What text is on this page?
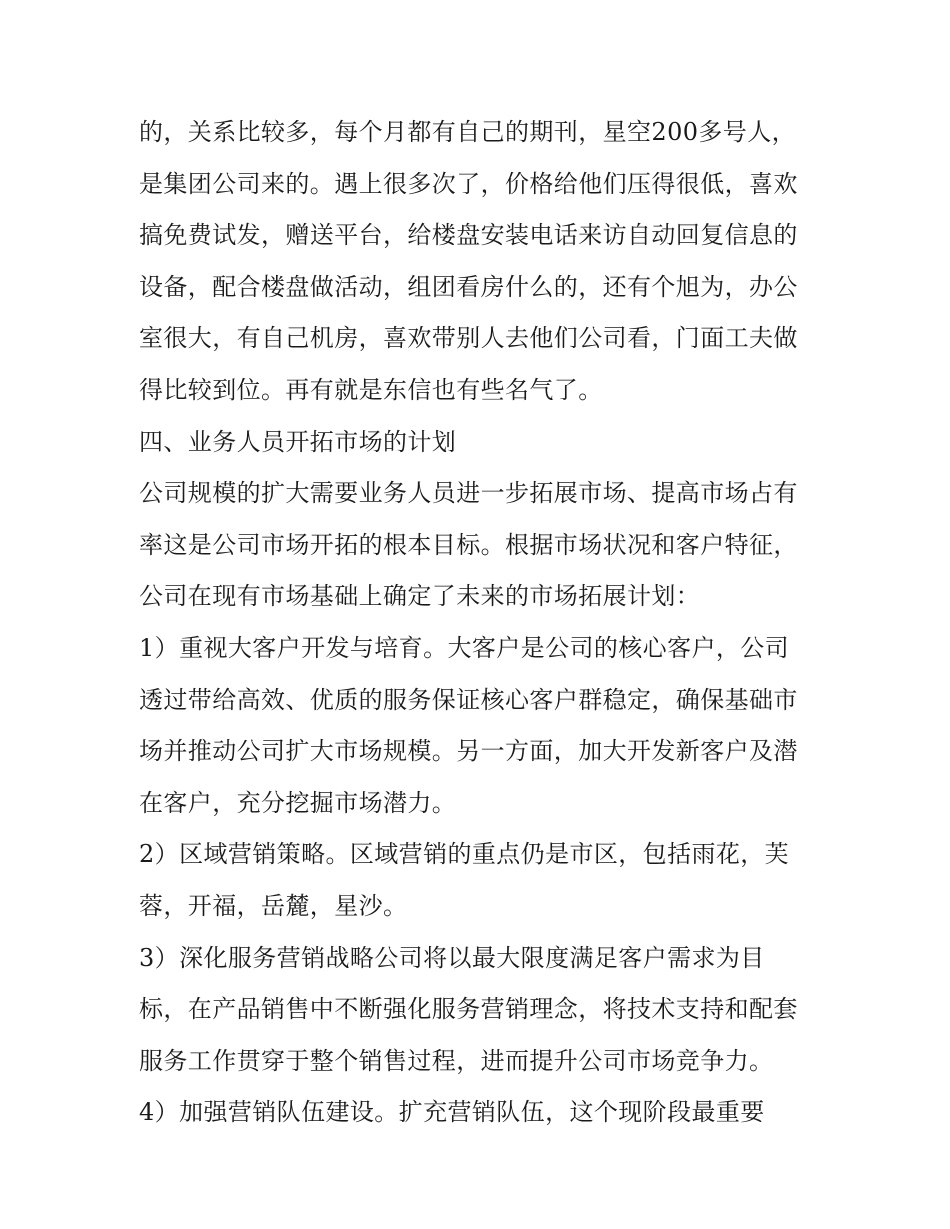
的，关系比较多，每个月都有自己的期刊，星空200多号人，
是集团公司来的。遇上很多次了，价格给他们压得很低，喜欢
搞免费试发，赠送平台，给楼盘安装电话来访自动回复信息的
设备，配合楼盘做活动，组团看房什么的，还有个旭为，办公
室很大，有自己机房，喜欢带别人去他们公司看，门面工夫做
得比较到位。再有就是东信也有些名气了。
四、业务人员开拓市场的计划
公司规模的扩大需要业务人员进一步拓展市场、提高市场占有
率这是公司市场开拓的根本目标。根据市场状况和客户特征，
公司在现有市场基础上确定了未来的市场拓展计划：
1）重视大客户开发与培育。大客户是公司的核心客户，公司
透过带给高效、优质的服务保证核心客户群稳定，确保基础市
场并推动公司扩大市场规模。另一方面，加大开发新客户及潜
在客户，充分挖掘市场潜力。
2）区域营销策略。区域营销的重点仍是市区，包括雨花，芙
蓉，开福，岳麓，星沙。
3）深化服务营销战略公司将以最大限度满足客户需求为目
标，在产品销售中不断强化服务营销理念，将技术支持和配套
服务工作贯穿于整个销售过程，进而提升公司市场竞争力。
4）加强营销队伍建设。扩充营销队伍，这个现阶段最重要
